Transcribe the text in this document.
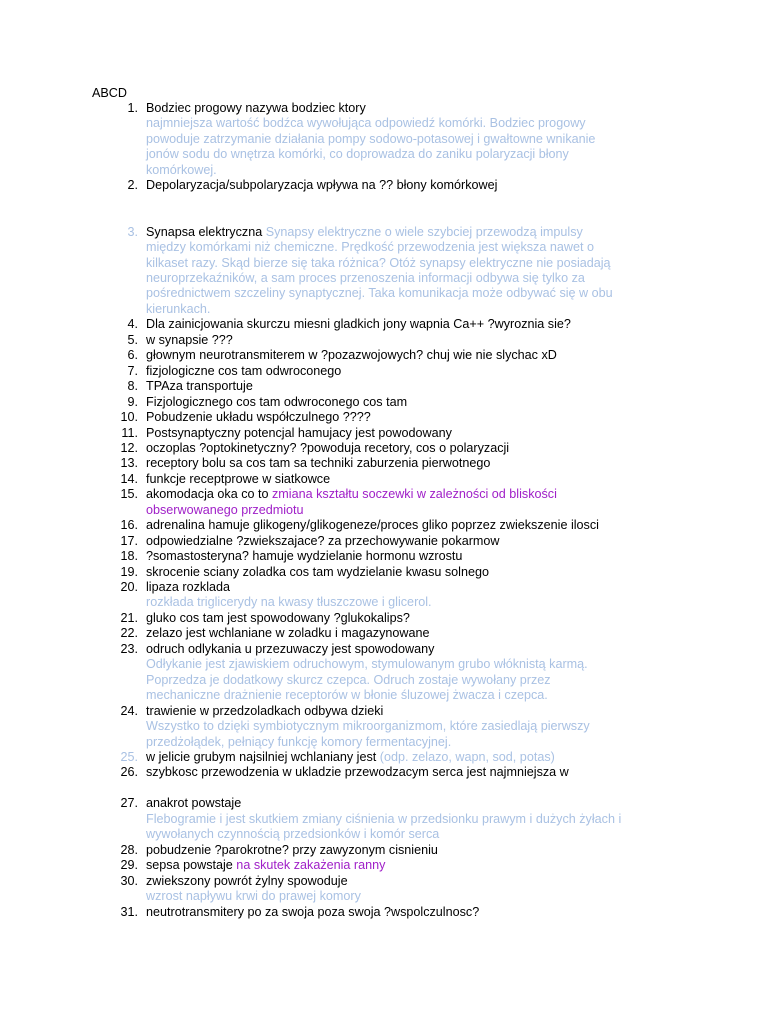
ABCD
1. Bodziec progowy nazywa bodziec ktory
najmniejsza wartość bodźca wywołująca odpowiedź komórki. Bodziec progowy
powoduje zatrzymanie działania pompy sodowo-potasowej i gwałtowne wnikanie
jonów sodu do wnętrza komórki, co doprowadza do zaniku polaryzacji błony
komórkowej.
2. Depolaryzacja/subpolaryzacja wpływa na ?? błony komórkowej
3. Synapsa elektryczna Synapsy elektryczne o wiele szybciej przewodzą impulsy
między komórkami niż chemiczne. Prędkość przewodzenia jest większa nawet o
kilkaset razy. Skąd bierze się taka różnica? Otóż synapsy elektryczne nie posiadają
neuroprzekaźników, a sam proces przenoszenia informacji odbywa się tylko za
pośrednictwem szczeliny synaptycznej. Taka komunikacja może odbywać się w obu
kierunkach.
4. Dla zainicjowania skurczu miesni gladkich jony wapnia Ca++ ?wyroznia sie?
5. w synapsie ???
6. głownym neurotransmiterem w ?pozazwojowych? chuj wie nie slychac xD
7. fizjologiczne cos tam odwroconego
8. TPAza transportuje
9. Fizjologicznego cos tam odwroconego cos tam
10. Pobudzenie układu współczulnego ????
11. Postsynaptyczny potencjal hamujacy jest powodowany
12. oczoplas ?optokinetyczny? ?powoduja recetory, cos o polaryzacji
13. receptory bolu sa cos tam sa techniki zaburzenia pierwotnego
14. funkcje receptprowe w siatkowce
15. akomodacja oka co to zmiana kształtu soczewki w zależności od bliskości
obserwowanego przedmiotu
16. adrenalina hamuje glikogeny/glikogeneze/proces gliko poprzez zwiekszenie ilosci
17. odpowiedzialne ?zwiekszajace? za przechowywanie pokarmow
18. ?somastosteryna? hamuje wydzielanie hormonu wzrostu
19. skrocenie sciany zoladka cos tam wydzielanie kwasu solnego
20. lipaza rozklada
rozkłada triglicerydy na kwasy tłuszczowe i glicerol.
21. gluko cos tam jest spowodowany ?glukokalips?
22. zelazo jest wchlaniane w zoladku i magazynowane
23. odruch odlykania u przezuwaczy jest spowodowany
Odłykanie jest zjawiskiem odruchowym, stymulowanym grubo włóknistą karmą.
Poprzedza je dodatkowy skurcz czepca. Odruch zostaje wywołany przez
mechaniczne drażnienie receptorów w błonie śluzowej żwacza i czepca.
24. trawienie w przedzoladkach odbywa dzieki
Wszystko to dzięki symbiotycznym mikroorganizmom, które zasiedlają pierwszy
przedżołądek, pełniący funkcję komory fermentacyjnej.
25. w jelicie grubym najsilniej wchlaniany jest (odp. zelazo, wapn, sod, potas)
26. szybkosc przewodzenia w ukladzie przewodzacym serca jest najmniejsza w
27. anakrot powstaje
Flebogramie i jest skutkiem zmiany ciśnienia w przedsionku prawym i dużych żyłach i
wywołanych czynnością przedsionków i komór serca
28. pobudzenie ?parokrotne? przy zawyzonym cisnieniu
29. sepsa powstaje na skutek zakażenia ranny
30. zwiekszony powrót żylny spowoduje
wzrost napływu krwi do prawej komory
31. neutrotransmitery po za swoja poza swoja ?wspolczulnosc?
